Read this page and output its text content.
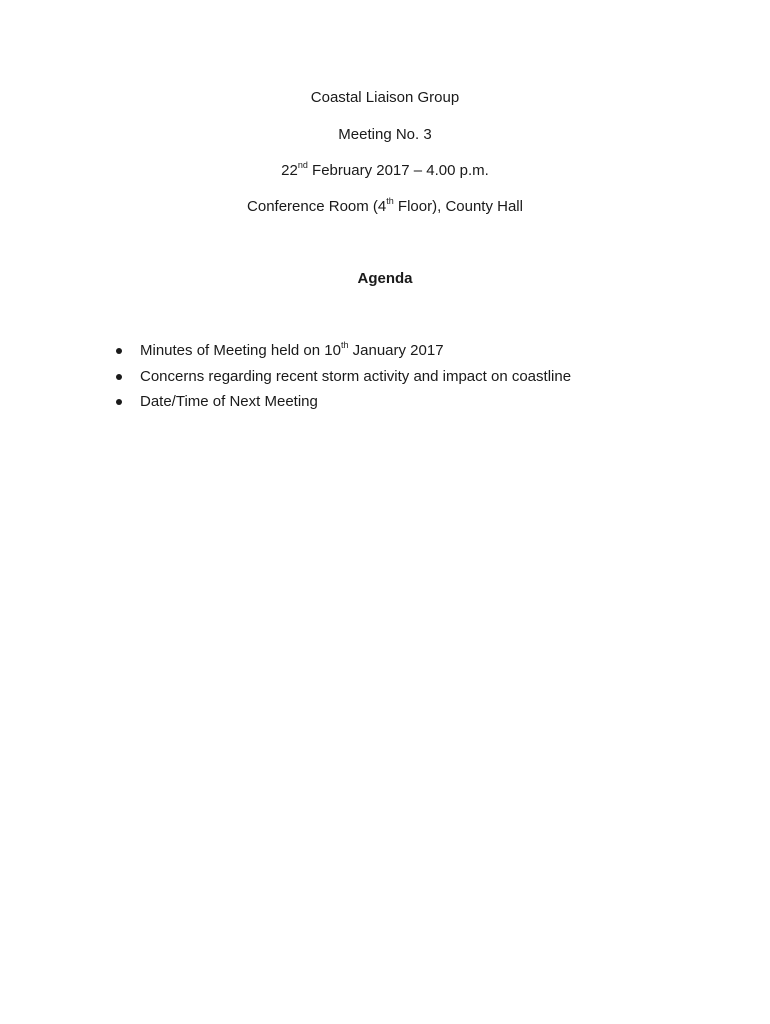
Coastal Liaison Group
Meeting No. 3
22nd February 2017 – 4.00 p.m.
Conference Room (4th Floor), County Hall
Agenda
Minutes of Meeting held on 10th January 2017
Concerns regarding recent storm activity and impact on coastline
Date/Time of Next Meeting
